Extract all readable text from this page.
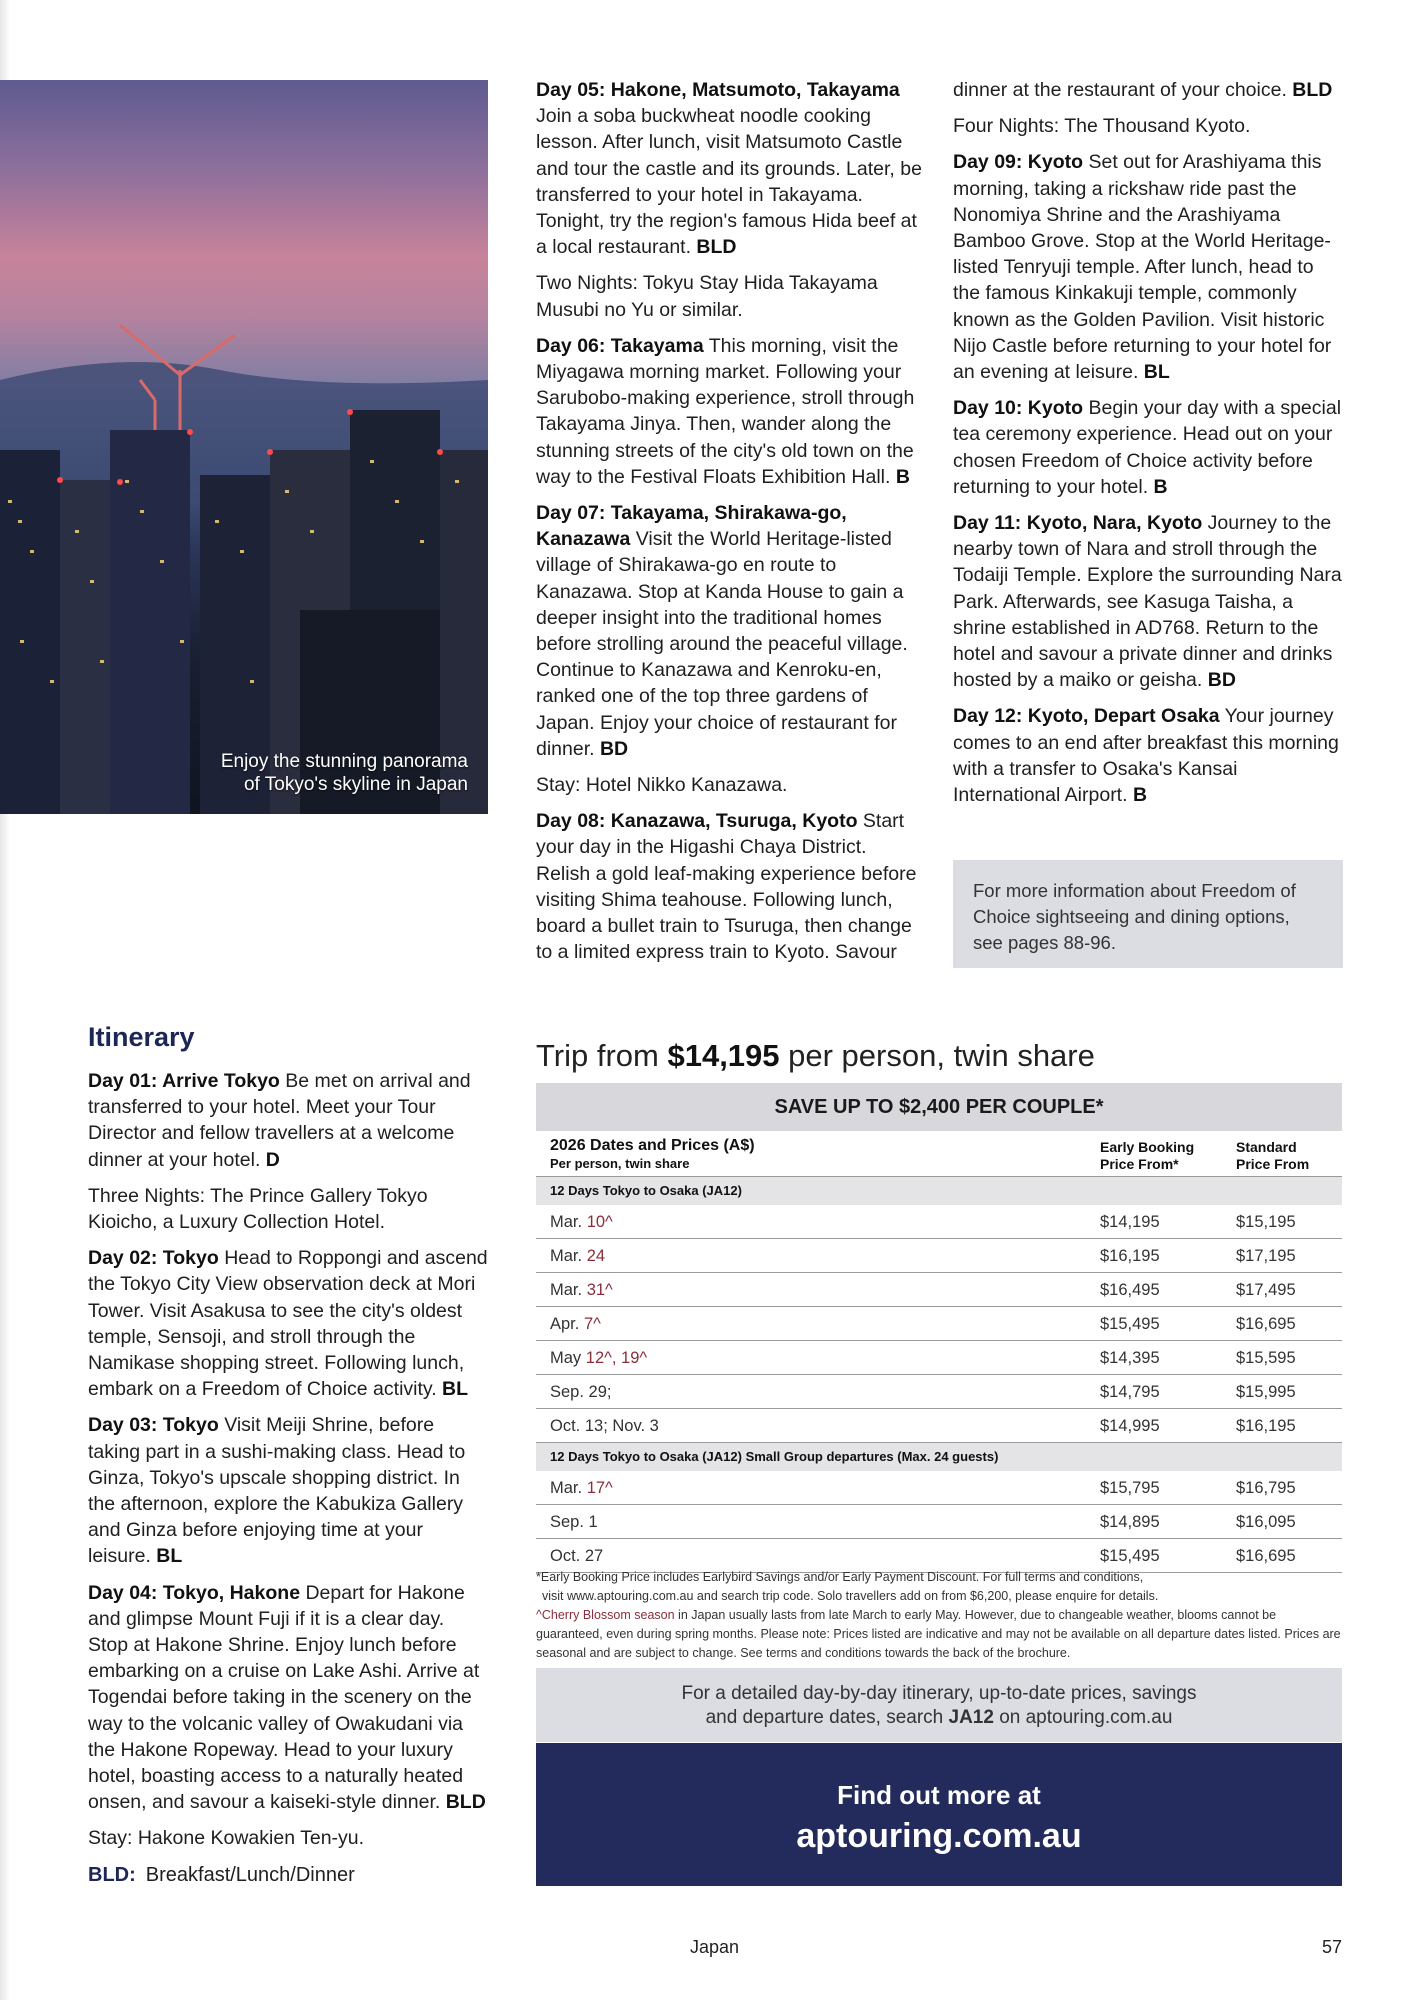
Enjoy the stunning panorama
of Tokyo's skyline in Japan

Day 05: Hakone, Matsumoto, Takayama Join a soba buckwheat noodle cooking lesson. After lunch, visit Matsumoto Castle and tour the castle and its grounds. Later, be transferred to your hotel in Takayama. Tonight, try the region's famous Hida beef at a local restaurant. BLD

Two Nights: Tokyu Stay Hida Takayama Musubi no Yu or similar.

Day 06: Takayama This morning, visit the Miyagawa morning market. Following your Sarubobo-making experience, stroll through Takayama Jinya. Then, wander along the stunning streets of the city's old town on the way to the Festival Floats Exhibition Hall. B

Day 07: Takayama, Shirakawa-go, Kanazawa Visit the World Heritage-listed village of Shirakawa-go en route to Kanazawa. Stop at Kanda House to gain a deeper insight into the traditional homes before strolling around the peaceful village. Continue to Kanazawa and Kenroku-en, ranked one of the top three gardens of Japan. Enjoy your choice of restaurant for dinner. BD

Stay: Hotel Nikko Kanazawa.

Day 08: Kanazawa, Tsuruga, Kyoto Start your day in the Higashi Chaya District. Relish a gold leaf-making experience before visiting Shima teahouse. Following lunch, board a bullet train to Tsuruga, then change to a limited express train to Kyoto. Savour

dinner at the restaurant of your choice. BLD

Four Nights: The Thousand Kyoto.

Day 09: Kyoto Set out for Arashiyama this morning, taking a rickshaw ride past the Nonomiya Shrine and the Arashiyama Bamboo Grove. Stop at the World Heritage-listed Tenryuji temple. After lunch, head to the famous Kinkakuji temple, commonly known as the Golden Pavilion. Visit historic Nijo Castle before returning to your hotel for an evening at leisure. BL

Day 10: Kyoto Begin your day with a special tea ceremony experience. Head out on your chosen Freedom of Choice activity before returning to your hotel. B

Day 11: Kyoto, Nara, Kyoto Journey to the nearby town of Nara and stroll through the Todaiji Temple. Explore the surrounding Nara Park. Afterwards, see Kasuga Taisha, a shrine established in AD768. Return to the hotel and savour a private dinner and drinks hosted by a maiko or geisha. BD

Day 12: Kyoto, Depart Osaka Your journey comes to an end after breakfast this morning with a transfer to Osaka's Kansai International Airport. B

For more information about Freedom of Choice sightseeing and dining options, see pages 88-96.
Itinerary

Day 01: Arrive Tokyo Be met on arrival and transferred to your hotel. Meet your Tour Director and fellow travellers at a welcome dinner at your hotel. D

Three Nights: The Prince Gallery Tokyo Kioicho, a Luxury Collection Hotel.

Day 02: Tokyo Head to Roppongi and ascend the Tokyo City View observation deck at Mori Tower. Visit Asakusa to see the city's oldest temple, Sensoji, and stroll through the Namikase shopping street. Following lunch, embark on a Freedom of Choice activity. BL

Day 03: Tokyo Visit Meiji Shrine, before taking part in a sushi-making class. Head to Ginza, Tokyo's upscale shopping district. In the afternoon, explore the Kabukiza Gallery and Ginza before enjoying time at your leisure. BL

Day 04: Tokyo, Hakone Depart for Hakone and glimpse Mount Fuji if it is a clear day. Stop at Hakone Shrine. Enjoy lunch before embarking on a cruise on Lake Ashi. Arrive at Togendai before taking in the scenery on the way to the volcanic valley of Owakudani via the Hakone Ropeway. Head to your luxury hotel, boasting access to a naturally heated onsen, and savour a kaiseki-style dinner. BLD

Stay: Hakone Kowakien Ten-yu.

Trip from $14,195 per person, twin share
SAVE UP TO $2,400 PER COUPLE*
2026 Dates and Prices (A$)
Per person, twin share
Early Booking
Price From*
Standard
Price From
12 Days Tokyo to Osaka (JA12)
Mar. 10^	$14,195	$15,195
Mar. 24	$16,195	$17,195
Mar. 31^	$16,495	$17,495
Apr. 7^	$15,495	$16,695
May 12^, 19^	$14,395	$15,595
Sep. 29;	$14,795	$15,995
Oct. 13; Nov. 3	$14,995	$16,195
12 Days Tokyo to Osaka (JA12) Small Group departures (Max. 24 guests)
Mar. 17^	$15,795	$16,795
Sep. 1	$14,895	$16,095
Oct. 27	$15,495	$16,695
*Early Booking Price includes Earlybird Savings and/or Early Payment Discount. For full terms and conditions,
visit www.aptouring.com.au and search trip code. Solo travellers add on from $6,200, please enquire for details.
^Cherry Blossom season in Japan usually lasts from late March to early May. However, due to changeable weather, blooms cannot be guaranteed, even during spring months. Please note: Prices listed are indicative and may not be available on all departure dates listed. Prices are seasonal and are subject to change. See terms and conditions towards the back of the brochure.
For a detailed day-by-day itinerary, up-to-date prices, savings
and departure dates, search JA12 on aptouring.com.au
Find out more at
aptouring.com.au
BLD: Breakfast/Lunch/Dinner
Japan	57
